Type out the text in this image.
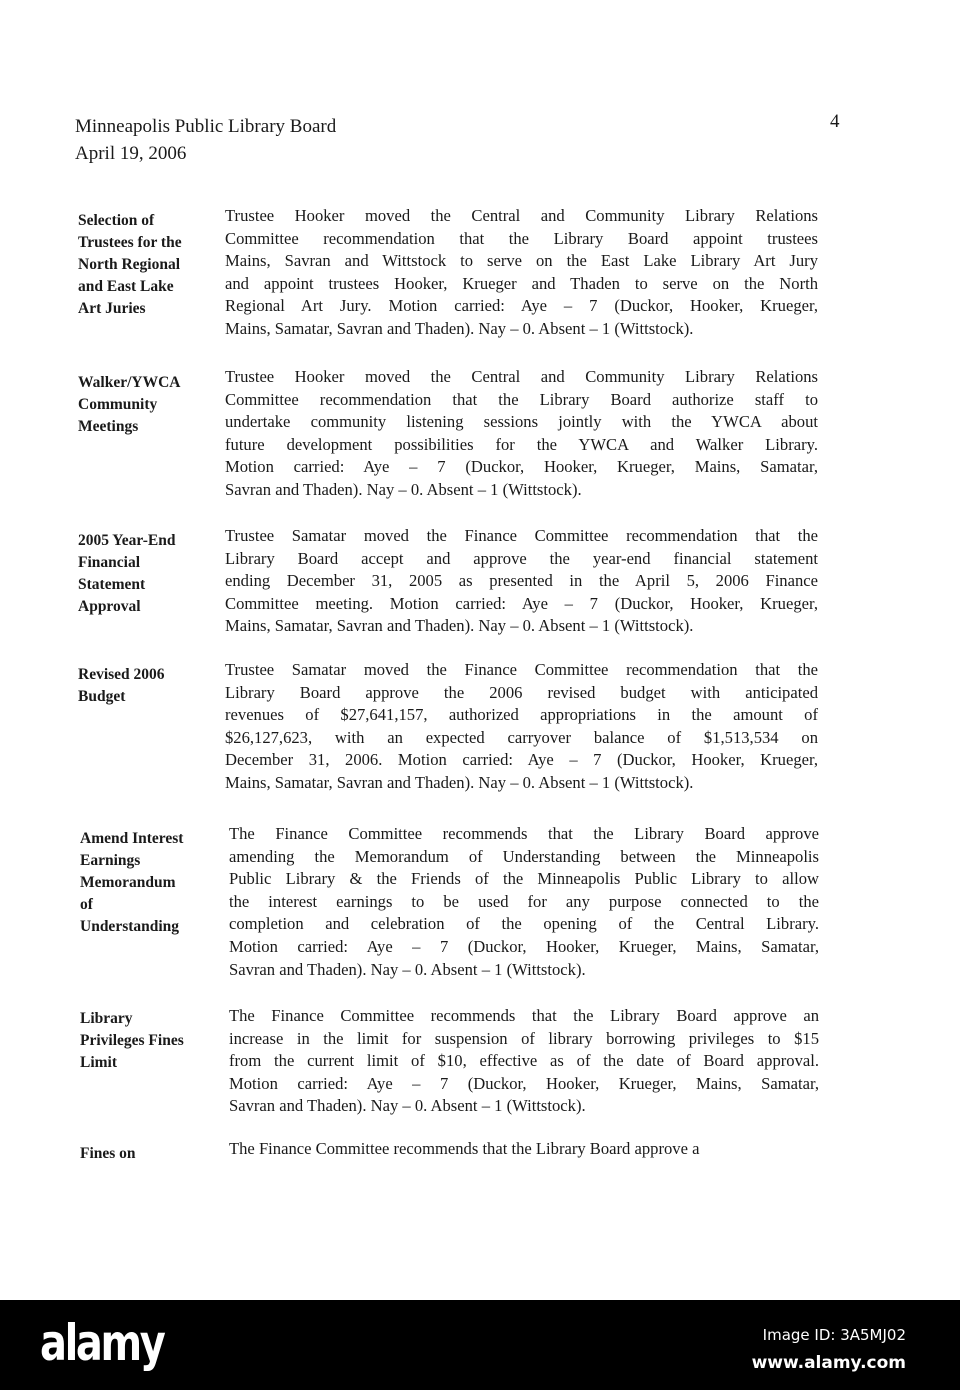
Minneapolis Public Library Board
April 19, 2006
4
Selection of
Trustees for the
North Regional
and East Lake
Art Juries
Trustee Hooker moved the Central and Community Library Relations
Committee recommendation that the Library Board appoint trustees
Mains, Savran and Wittstock to serve on the East Lake Library Art Jury
and appoint trustees Hooker, Krueger and Thaden to serve on the North
Regional Art Jury. Motion carried: Aye – 7 (Duckor, Hooker, Krueger,
Mains, Samatar, Savran and Thaden). Nay – 0. Absent – 1 (Wittstock).
Walker/YWCA
Community
Meetings
Trustee Hooker moved the Central and Community Library Relations
Committee recommendation that the Library Board authorize staff to
undertake community listening sessions jointly with the YWCA about
future development possibilities for the YWCA and Walker Library.
Motion carried: Aye – 7 (Duckor, Hooker, Krueger, Mains, Samatar,
Savran and Thaden). Nay – 0. Absent – 1 (Wittstock).
2005 Year-End
Financial
Statement
Approval
Trustee Samatar moved the Finance Committee recommendation that the
Library Board accept and approve the year-end financial statement
ending December 31, 2005 as presented in the April 5, 2006 Finance
Committee meeting. Motion carried: Aye – 7 (Duckor, Hooker, Krueger,
Mains, Samatar, Savran and Thaden). Nay – 0. Absent – 1 (Wittstock).
Revised 2006
Budget
Trustee Samatar moved the Finance Committee recommendation that the
Library Board approve the 2006 revised budget with anticipated
revenues of $27,641,157, authorized appropriations in the amount of
$26,127,623, with an expected carryover balance of $1,513,534 on
December 31, 2006. Motion carried: Aye – 7 (Duckor, Hooker, Krueger,
Mains, Samatar, Savran and Thaden). Nay – 0. Absent – 1 (Wittstock).
Amend Interest
Earnings
Memorandum
of
Understanding
The Finance Committee recommends that the Library Board approve
amending the Memorandum of Understanding between the Minneapolis
Public Library & the Friends of the Minneapolis Public Library to allow
the interest earnings to be used for any purpose connected to the
completion and celebration of the opening of the Central Library.
Motion carried: Aye – 7 (Duckor, Hooker, Krueger, Mains, Samatar,
Savran and Thaden). Nay – 0. Absent – 1 (Wittstock).
Library
Privileges Fines
Limit
The Finance Committee recommends that the Library Board approve an
increase in the limit for suspension of library borrowing privileges to $15
from the current limit of $10, effective as of the date of Board approval.
Motion carried: Aye – 7 (Duckor, Hooker, Krueger, Mains, Samatar,
Savran and Thaden). Nay – 0. Absent – 1 (Wittstock).
Fines on	The Finance Committee recommends that the Library Board approve a
alamy	Image ID: 3A5MJ02
www.alamy.com
